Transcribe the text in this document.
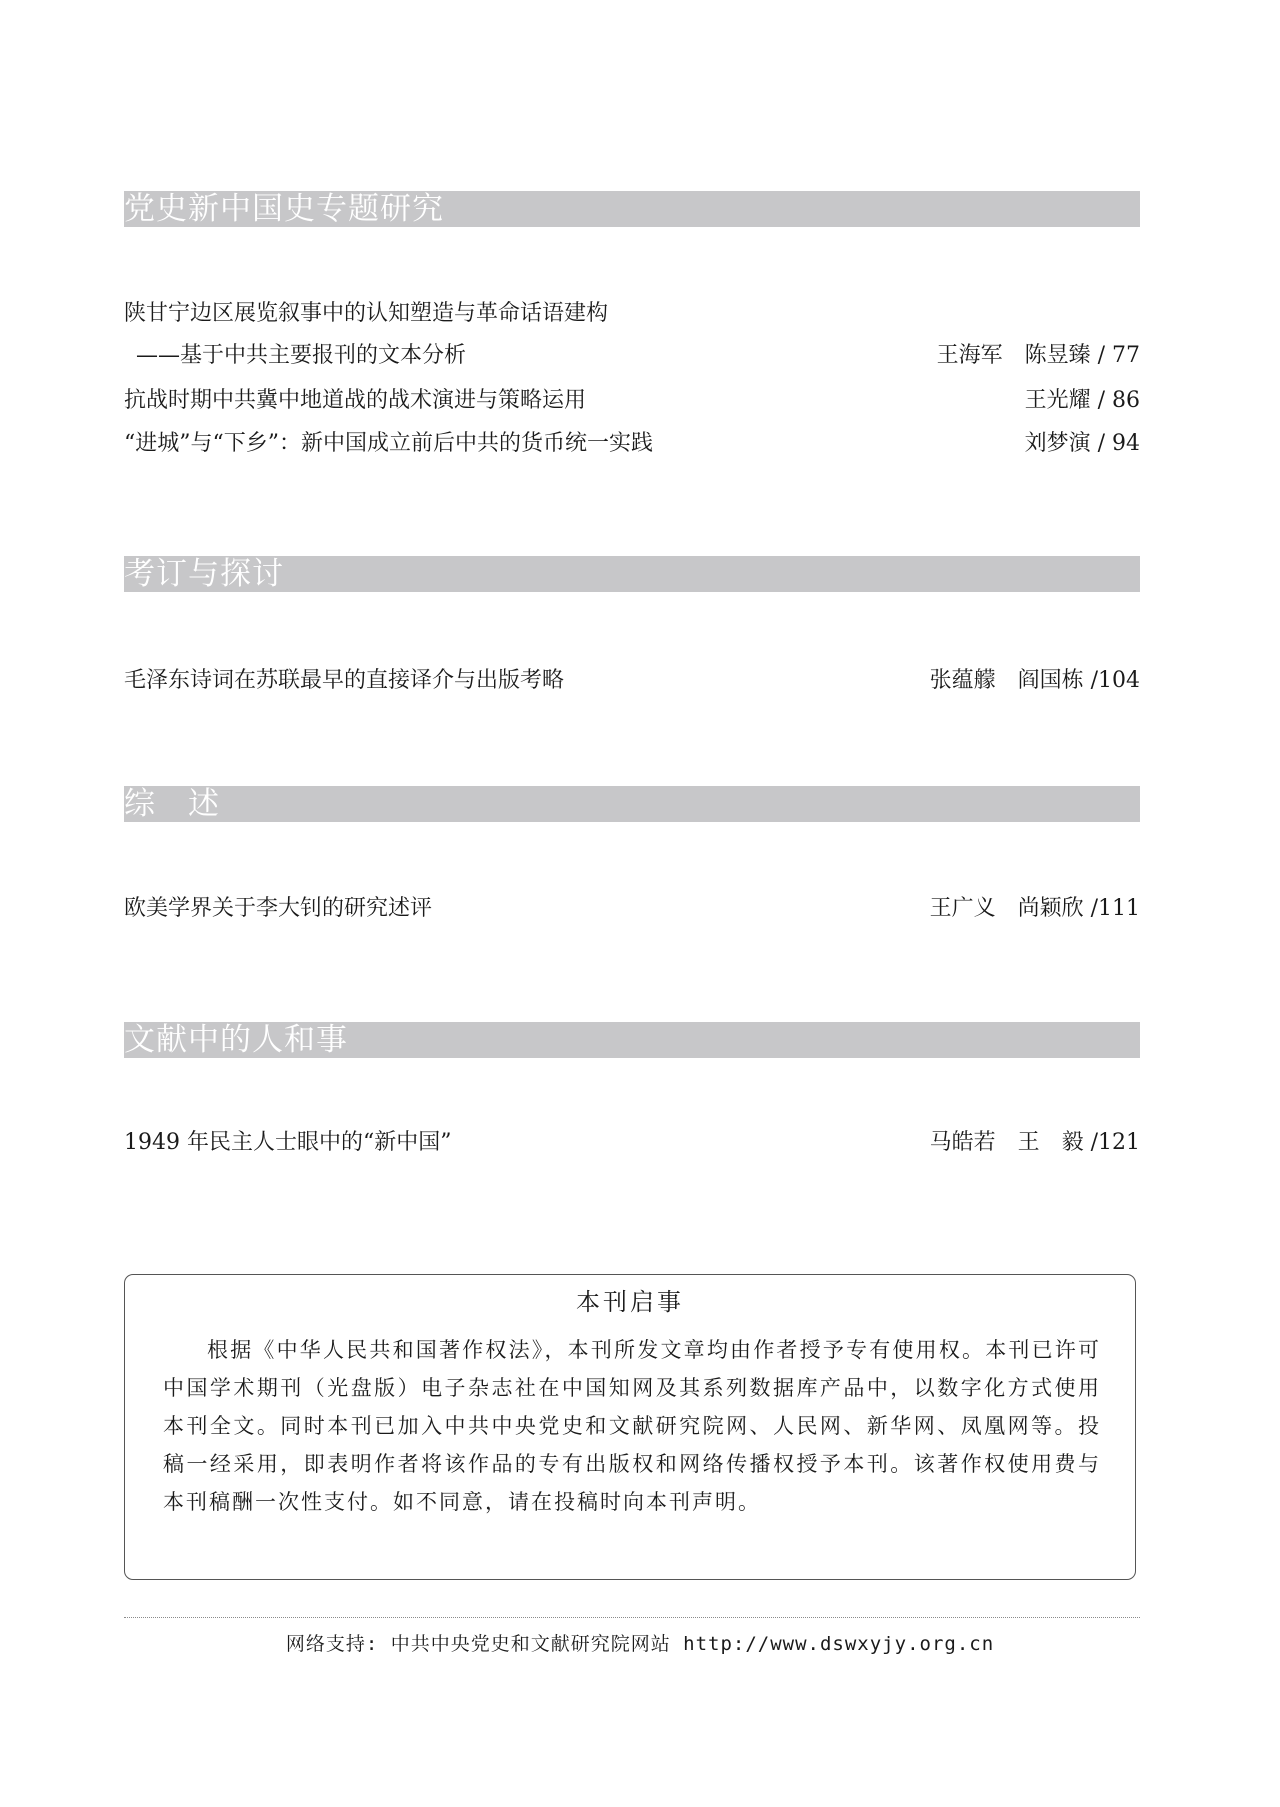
党史新中国史专题研究
陕甘宁边区展览叙事中的认知塑造与革命话语建构
——基于中共主要报刊的文本分析	王海军　陈昱臻 / 77
抗战时期中共冀中地道战的战术演进与策略运用	王光耀 / 86
“进城”与“下乡”：新中国成立前后中共的货币统一实践	刘梦演 / 94
考订与探讨
毛泽东诗词在苏联最早的直接译介与出版考略	张蕴艨　阎国栋 /104
综　述
欧美学界关于李大钊的研究述评	王广义　尚颖欣 /111
文献中的人和事
1949 年民主人士眼中的“新中国”	马皓若　王　毅 /121
本刊启事

根据《中华人民共和国著作权法》，本刊所发文章均由作者授予专有使用权。本刊已许可中国学术期刊（光盘版）电子杂志社在中国知网及其系列数据库产品中，以数字化方式使用本刊全文。同时本刊已加入中共中央党史和文献研究院网、人民网、新华网、凤凰网等。投稿一经采用，即表明作者将该作品的专有出版权和网络传播权授予本刊。该著作权使用费与本刊稿酬一次性支付。如不同意，请在投稿时向本刊声明。

网络支持: 中共中央党史和文献研究院网站 http://www.dswxyjy.org.cn
